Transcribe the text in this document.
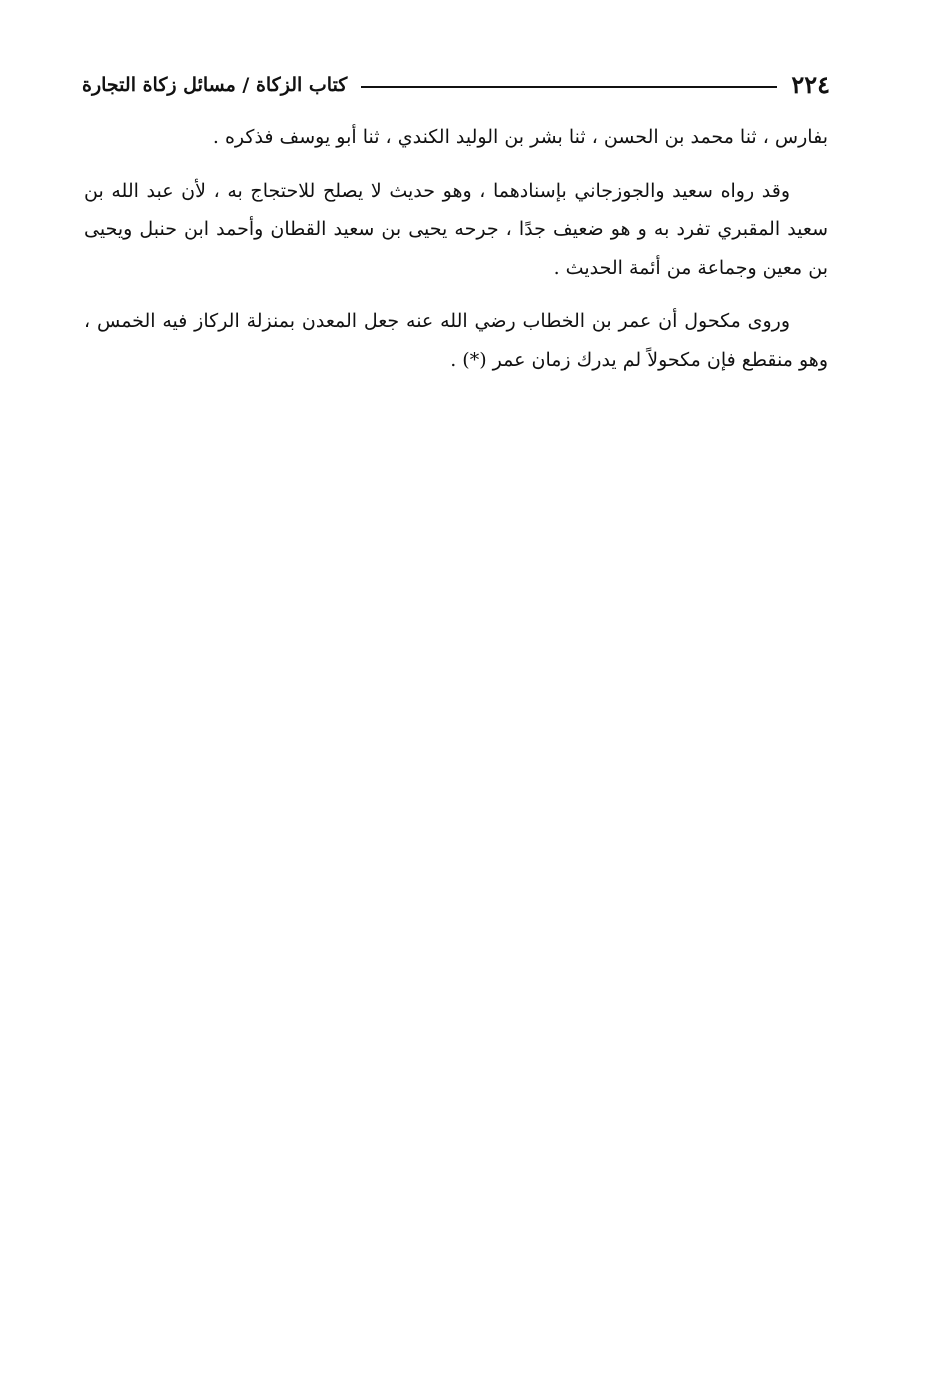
٢٢٤
كتاب الزكاة / مسائل زكاة التجارة

بفارس ، ثنا محمد بن الحسن ، ثنا بشر بن الوليد الكندي ، ثنا أبو يوسف فذكره .

وقد رواه سعيد والجوزجاني بإسنادهما ، وهو حديث لا يصلح للاحتجاج به ، لأن عبد الله بن سعيد المقبري تفرد به و هو ضعيف جدًا ، جرحه يحيى بن سعيد القطان وأحمد ابن حنبل ويحيى بن معين وجماعة من أئمة الحديث .

وروى مكحول أن عمر بن الخطاب رضي الله عنه جعل المعدن بمنزلة الركاز فيه الخمس ، وهو منقطع فإن مكحولاً لم يدرك زمان عمر (*) .
